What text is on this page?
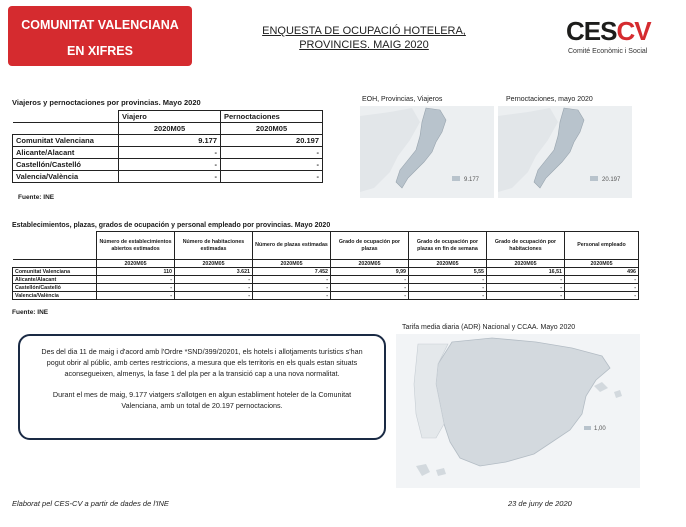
COMUNITAT VALENCIANA
EN XIFRES
ENQUESTA DE OCUPACIÓ HOTELERA,
PROVINCIES. MAIG 2020	CESCV
Comité Econòmic i Social
Viajeros y pernoctaciones por provincias. Mayo 2020
	Viajero	Pernoctaciones
	2020M05	2020M05
Comunitat Valenciana	9.177	20.197
Alicante/Alacant	-	-
Castellón/Castelló	-	-
Valencia/València	-	-
Fuente: INE
EOH, Provincias, Viajeros	Pernoctaciones, mayo 2020
9.177	20.197
Establecimientos, plazas, grados de ocupación y personal empleado por provincias. Mayo 2020
	Número de establecimientos abiertos estimados	Número de habitaciones estimadas	Número de plazas estimadas	Grado de ocupación por plazas	Grado de ocupación por plazas en fin de semana	Grado de ocupación por habitaciones	Personal empleado
	2020M05	2020M05	2020M05	2020M05	2020M05	2020M05	2020M05
Comunitat Valenciana	110	3.621	7.452	9,99	5,55	16,51	496
Alicante/Alacant	-	-	-	-	-	-	-
Castellón/Castelló	-	-	-	-	-	-	-
Valencia/València	-	-	-	-	-	-	-
Fuente: INE

Des del dia 11 de maig i d'acord amb l'Ordre *SND/399/20201, els hotels i allotjaments turístics s'han pogut obrir al públic, amb certes restriccions, a mesura que els territoris en els quals estan situats aconsegueixen, almenys, la fase 1 del pla per a la transició cap a una nova normalitat.

Durant el mes de maig, 9.177 viatgers s'allotgen en algun establiment hoteler de la Comunitat Valenciana, amb un total de 20.197 pernoctacions.

Tarifa media diaria (ADR) Nacional y CCAA. Mayo 2020
1,00
Elaborat pel CES-CV a partir de dades de l'INE	23 de juny de 2020
